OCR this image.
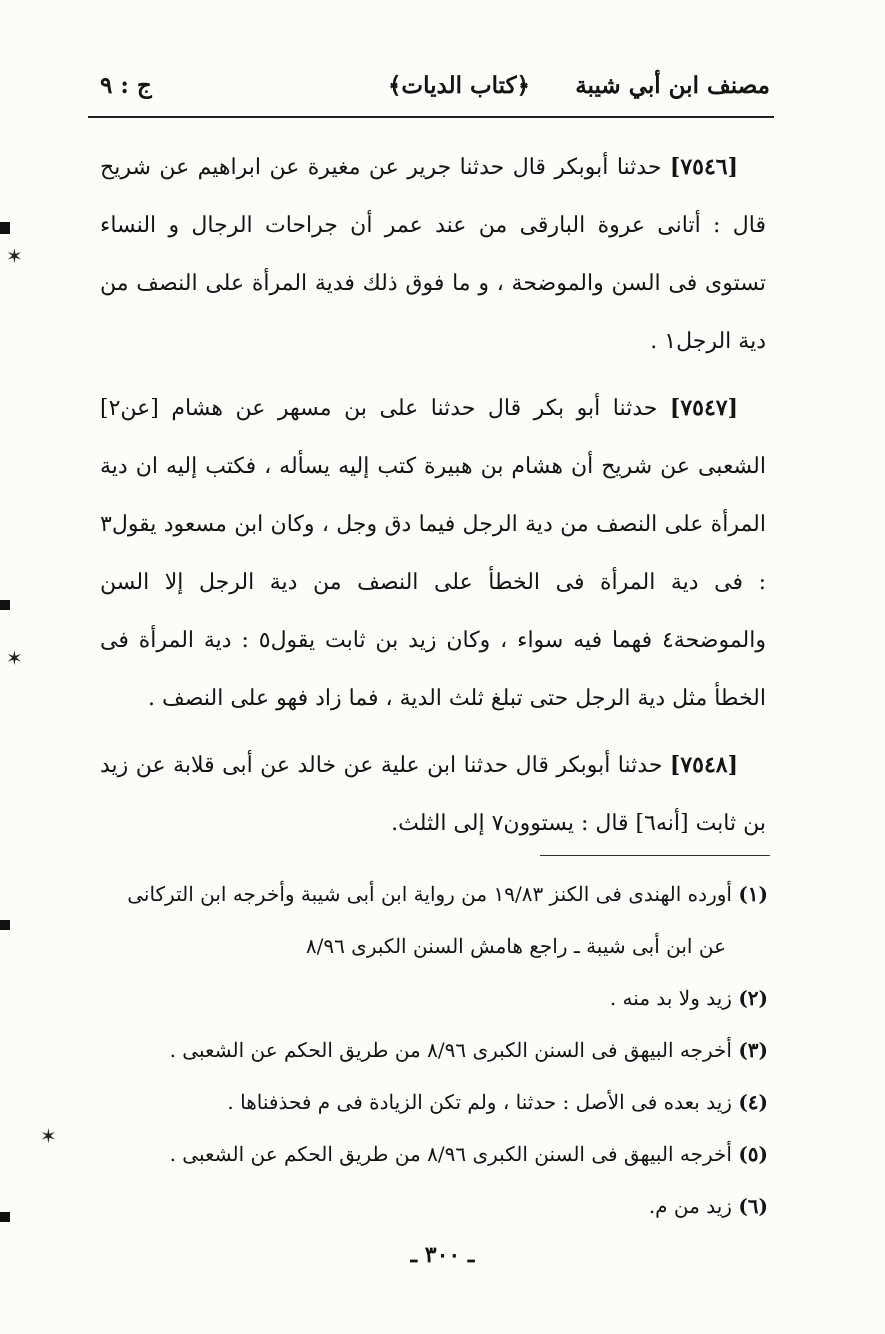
مصنف ابن أبي شيبة
﴿كتاب الديات﴾
ج : ٩

[٧٥٤٦] حدثنا أبوبكر قال حدثنا جرير عن مغيرة عن ابراهيم عن شريح قال : أتانى عروة البارقى من عند عمر أن جراحات الرجال و النساء تستوى فى السن والموضحة ، و ما فوق ذلك فدية المرأة على النصف من دية الرجل١ .

[٧٥٤٧] حدثنا أبو بكر قال حدثنا على بن مسهر عن هشام [عن٢] الشعبى عن شريح أن هشام بن هبيرة كتب إليه يسأله ، فكتب إليه ان دية المرأة على النصف من دية الرجل فيما دق وجل ، وكان ابن مسعود يقول٣ : فى دية المرأة فى الخطأ على النصف من دية الرجل إلا السن والموضحة٤ فهما فيه سواء ، وكان زيد بن ثابت يقول٥ : دية المرأة فى الخطأ مثل دية الرجل حتى تبلغ ثلث الدية ، فما زاد فهو على النصف .

[٧٥٤٨] حدثنا أبوبكر قال حدثنا ابن علية عن خالد عن أبى قلابة عن زيد بن ثابت [أنه٦] قال : يستوون٧ إلى الثلث.

(١) أورده الهندى فى الكنز ١٩/٨٣ من رواية ابن أبى شيبة وأخرجه ابن التركانى

عن ابن أبى شيبة ـ راجع هامش السنن الكبرى ٨/٩٦

(٢) زيد ولا بد منه .

(٣) أخرجه البيهق فى السنن الكبرى ٨/٩٦ من طريق الحكم عن الشعبى .

(٤) زيد بعده فى الأصل : حدثنا ، ولم تكن الزيادة فى م فحذفناها .

(٥) أخرجه البيهق فى السنن الكبرى ٨/٩٦ من طريق الحكم عن الشعبى .

(٦) زيد من م.

ـ ٣٠٠ ـ
✶
✶
✶
